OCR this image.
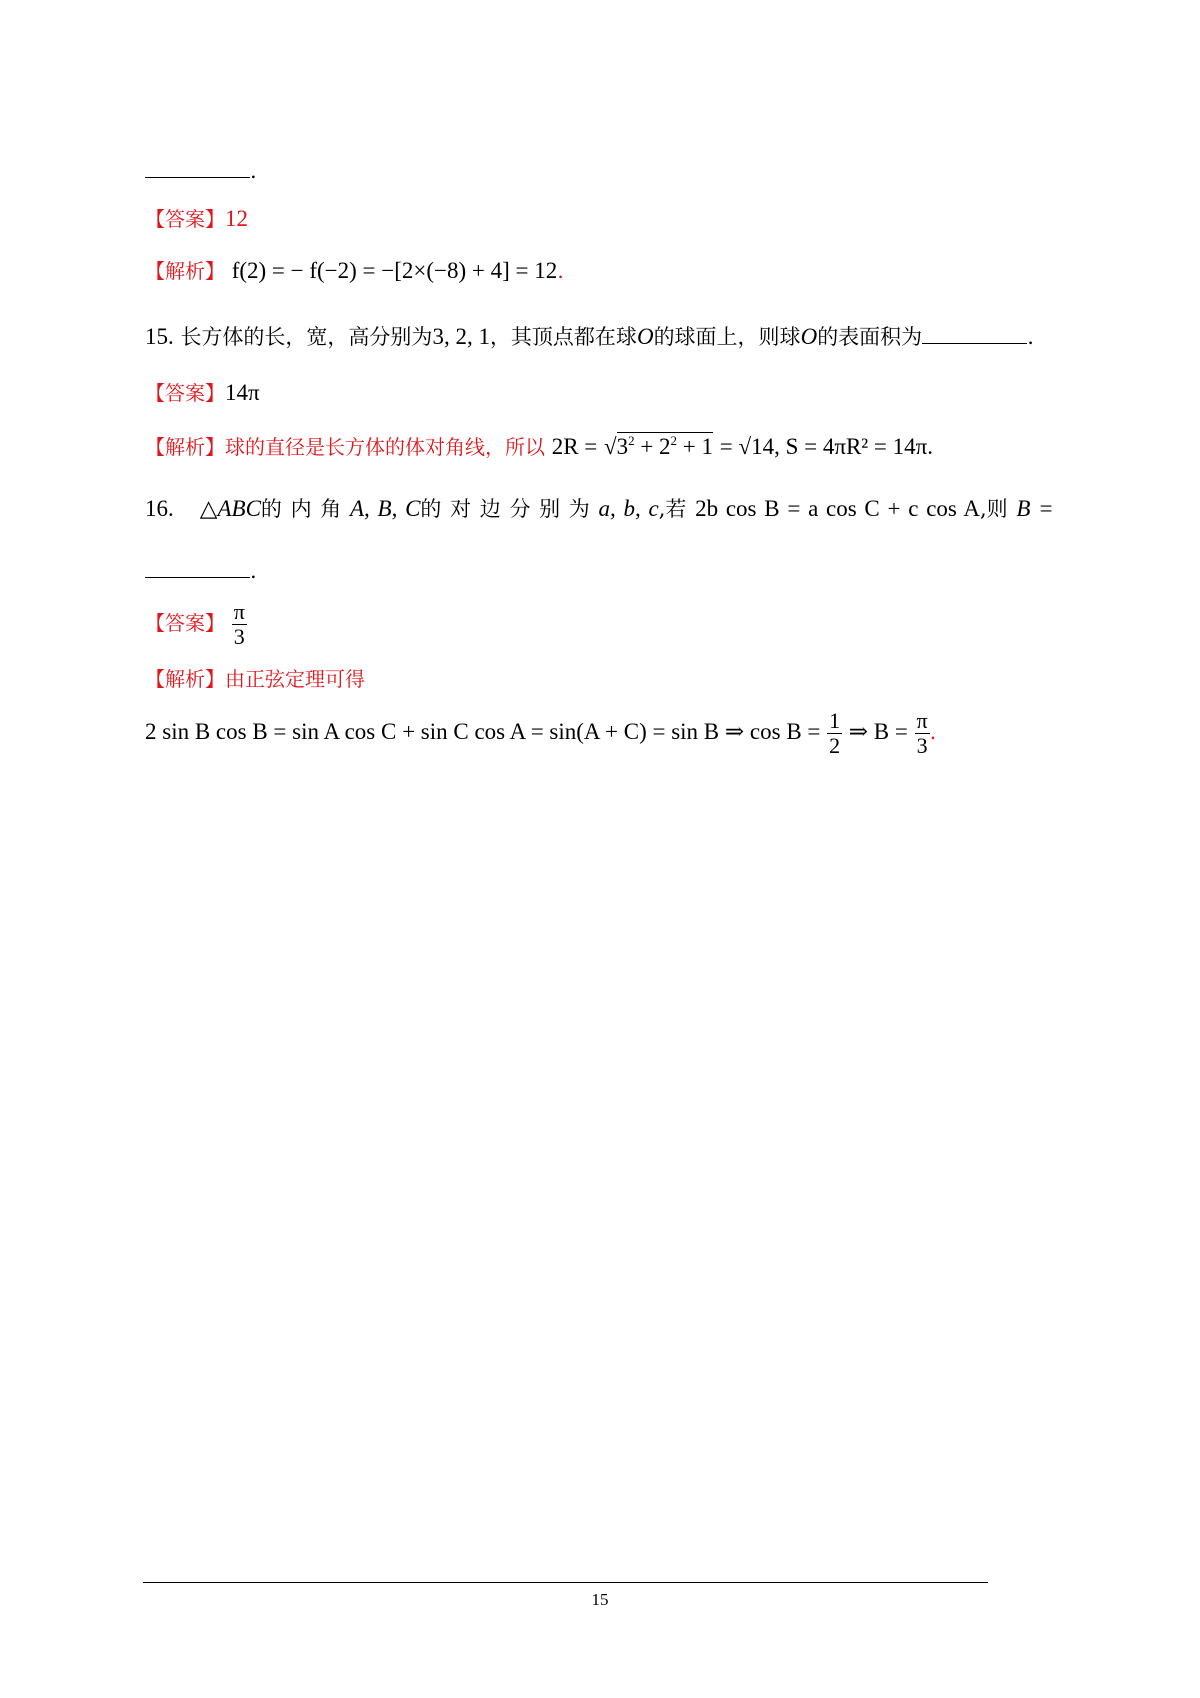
.
【答案】12
【解析】 f(2) = − f(−2) = −[2×(−8) + 4] = 12.
15. 长方体的长，宽，高分别为3, 2, 1，其顶点都在球O的球面上，则球O的表面积为	.
【答案】14π
【解析】球的直径是长方体的体对角线，所以 $2R = √3^2 + 2^2 + 1 = √14$, S = 4πR² = 14π.
16. △ABC的 内 角 A, B, C的 对 边 分 别 为 a, b, c,若 2b cos B = a cos C + c cos A,则 B =
.
【答案】 $\frac{\pi}{3}$
【解析】由正弦定理可得
2 sin B cos B = sin A cos C + sin C cos A = sin(A + C) = sin B ⇒ $\cos B = \frac{1}{2}$ ⇒ $B = \frac{\pi}{3}$ .
15
